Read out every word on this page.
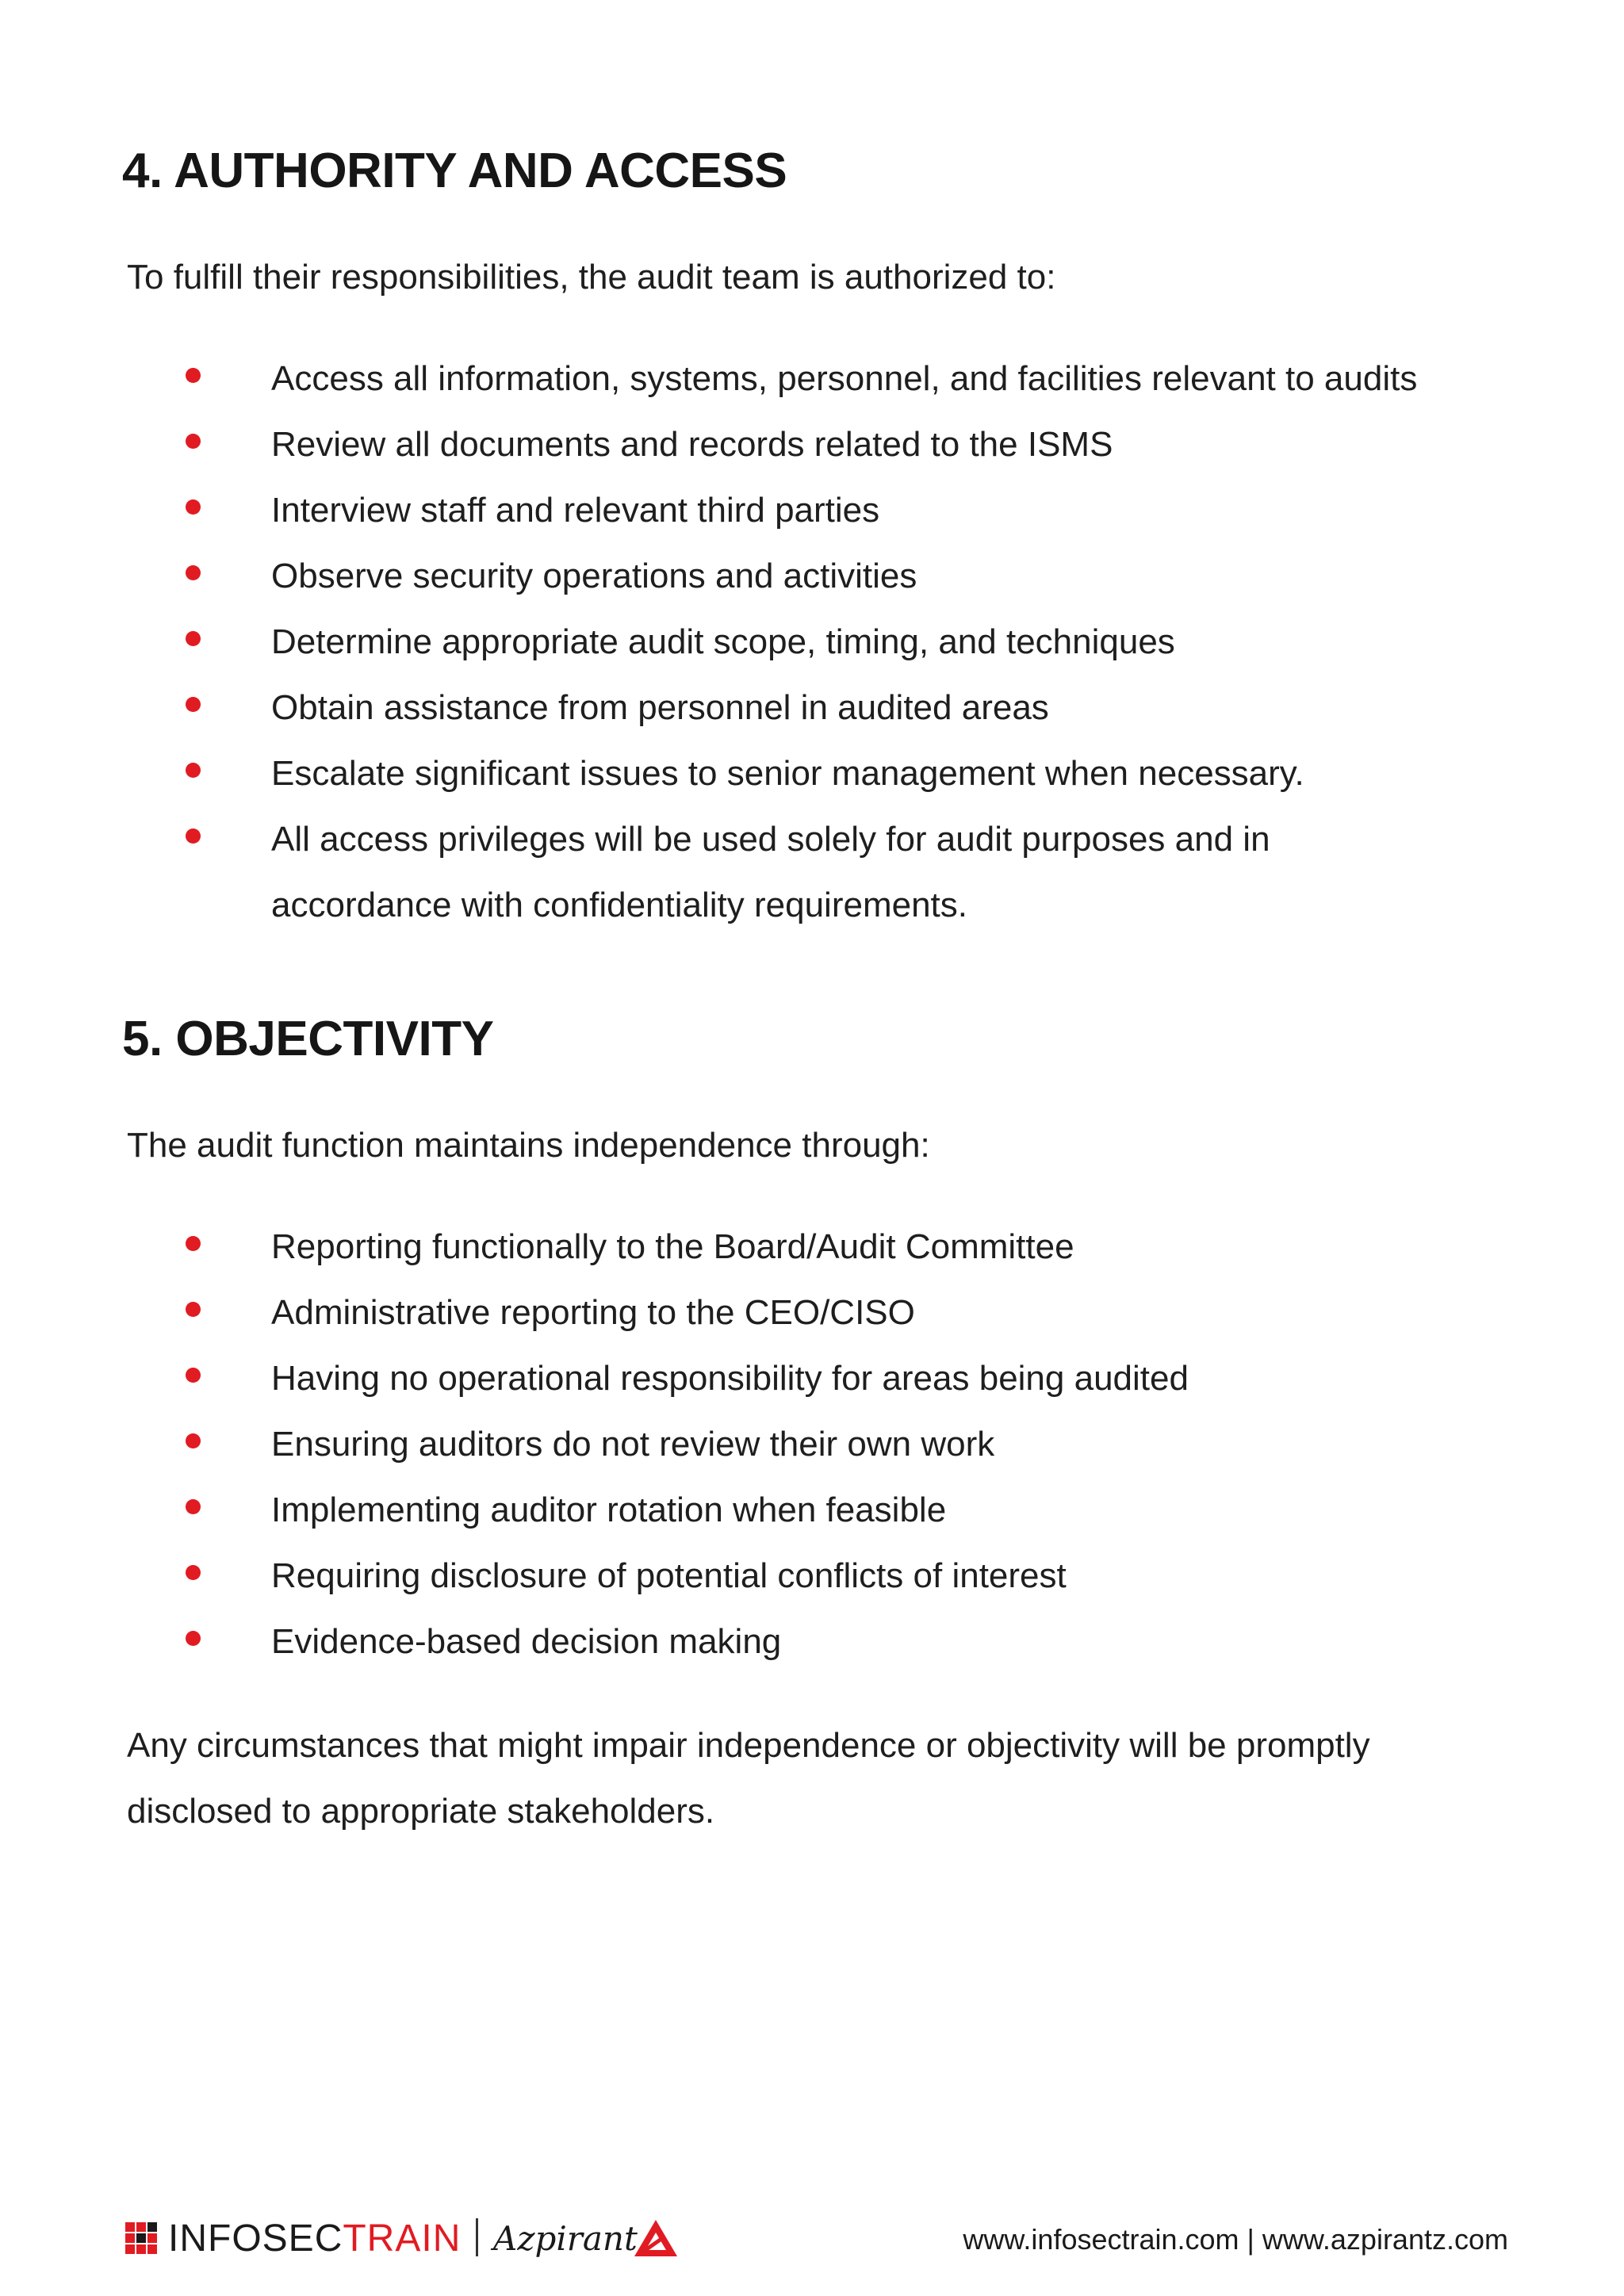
4. AUTHORITY AND ACCESS

To fulfill their responsibilities, the audit team is authorized to:

Access all information, systems, personnel, and facilities relevant to audits
Review all documents and records related to the ISMS
Interview staff and relevant third parties
Observe security operations and activities
Determine appropriate audit scope, timing, and techniques
Obtain assistance from personnel in audited areas
Escalate significant issues to senior management when necessary.
All access privileges will be used solely for audit purposes and in accordance with confidentiality requirements.
5. OBJECTIVITY

The audit function maintains independence through:

Reporting functionally to the Board/Audit Committee
Administrative reporting to the CEO/CISO
Having no operational responsibility for areas being audited
Ensuring auditors do not review their own work
Implementing auditor rotation when feasible
Requiring disclosure of potential conflicts of interest
Evidence-based decision making

Any circumstances that might impair independence or objectivity will be promptly disclosed to appropriate stakeholders.

INFOSECTRAIN Azpirant	www.infosectrain.com | www.azpirantz.com
